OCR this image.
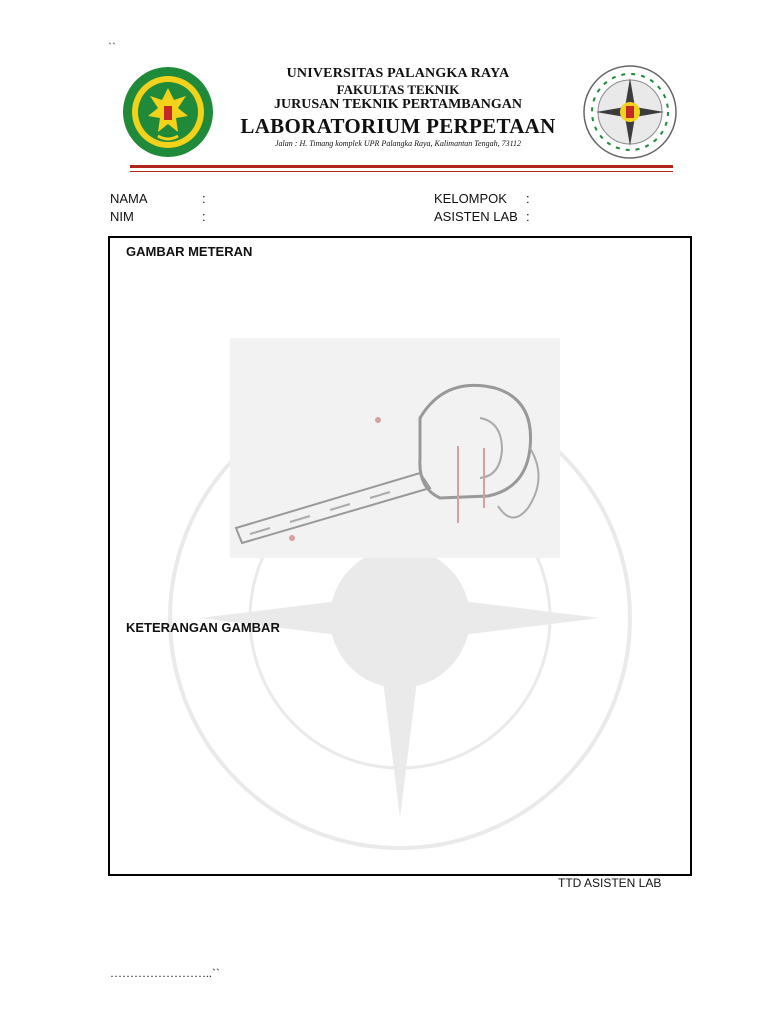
``
UNIVERSITAS PALANGKA RAYA
FAKULTAS TEKNIK
JURUSAN TEKNIK PERTAMBANGAN
LABORATORIUM PERPETAAN
Jalan : H. Timang komplek UPR Palangka Raya, Kalimantan Tengah, 73112
NAMA	:
NIM	:
KELOMPOK :
ASISTEN LAB :
GAMBAR METERAN
KETERANGAN GAMBAR
TTD ASISTEN LAB
……………………..``
